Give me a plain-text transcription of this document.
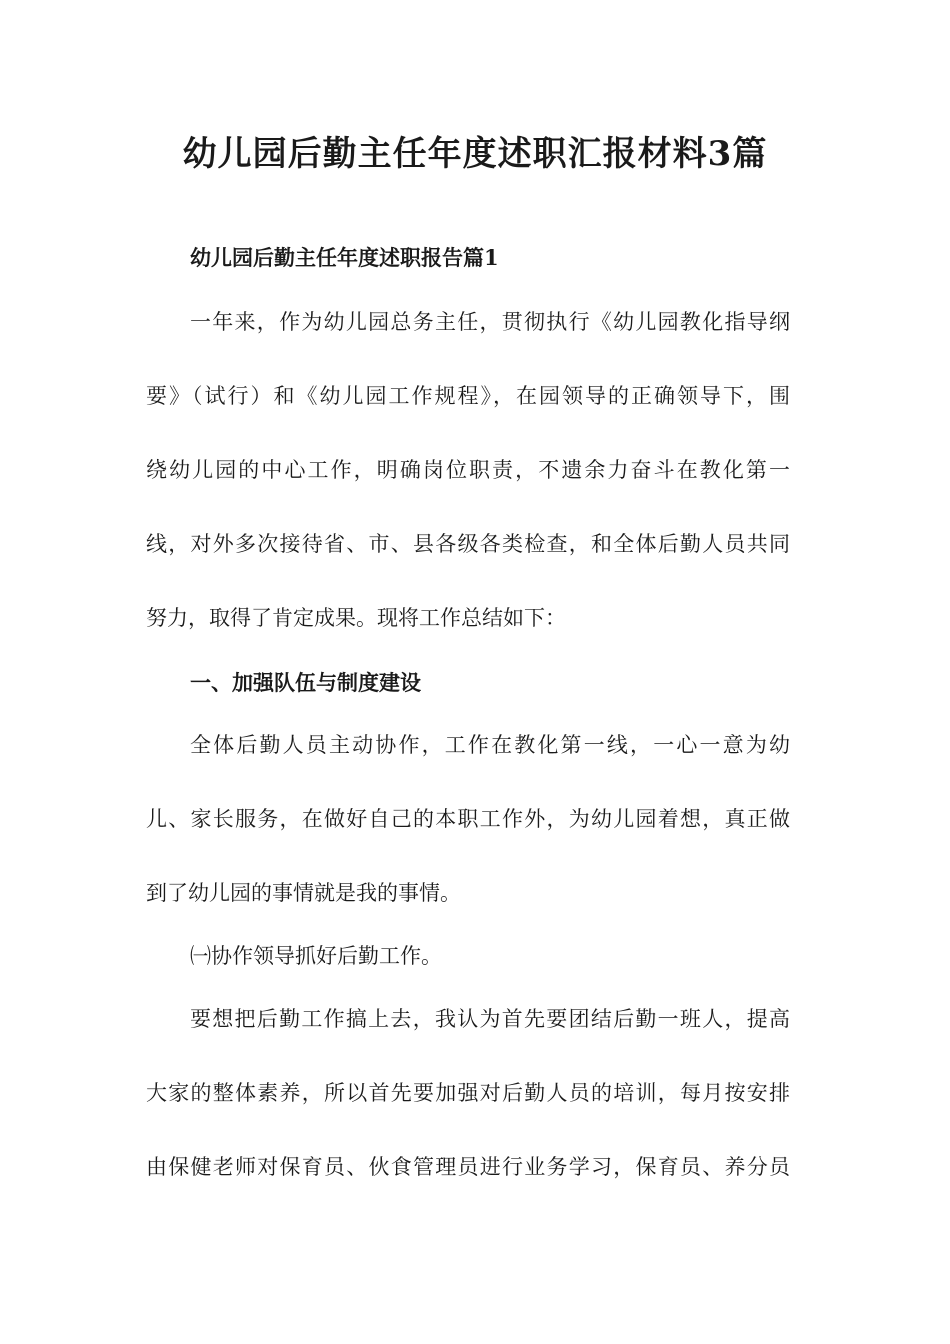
幼儿园后勤主任年度述职汇报材料3篇
幼儿园后勤主任年度述职报告篇1
一年来，作为幼儿园总务主任，贯彻执行《幼儿园教化指导纲
要》（试行）和《幼儿园工作规程》，在园领导的正确领导下，围
绕幼儿园的中心工作，明确岗位职责，不遗余力奋斗在教化第一
线，对外多次接待省、市、县各级各类检查，和全体后勤人员共同
努力，取得了肯定成果。现将工作总结如下：
一、加强队伍与制度建设
全体后勤人员主动协作，工作在教化第一线，一心一意为幼
儿、家长服务，在做好自己的本职工作外，为幼儿园着想，真正做
到了幼儿园的事情就是我的事情。
㈠协作领导抓好后勤工作。
要想把后勤工作搞上去，我认为首先要团结后勤一班人，提高
大家的整体素养，所以首先要加强对后勤人员的培训，每月按安排
由保健老师对保育员、伙食管理员进行业务学习，保育员、养分员
